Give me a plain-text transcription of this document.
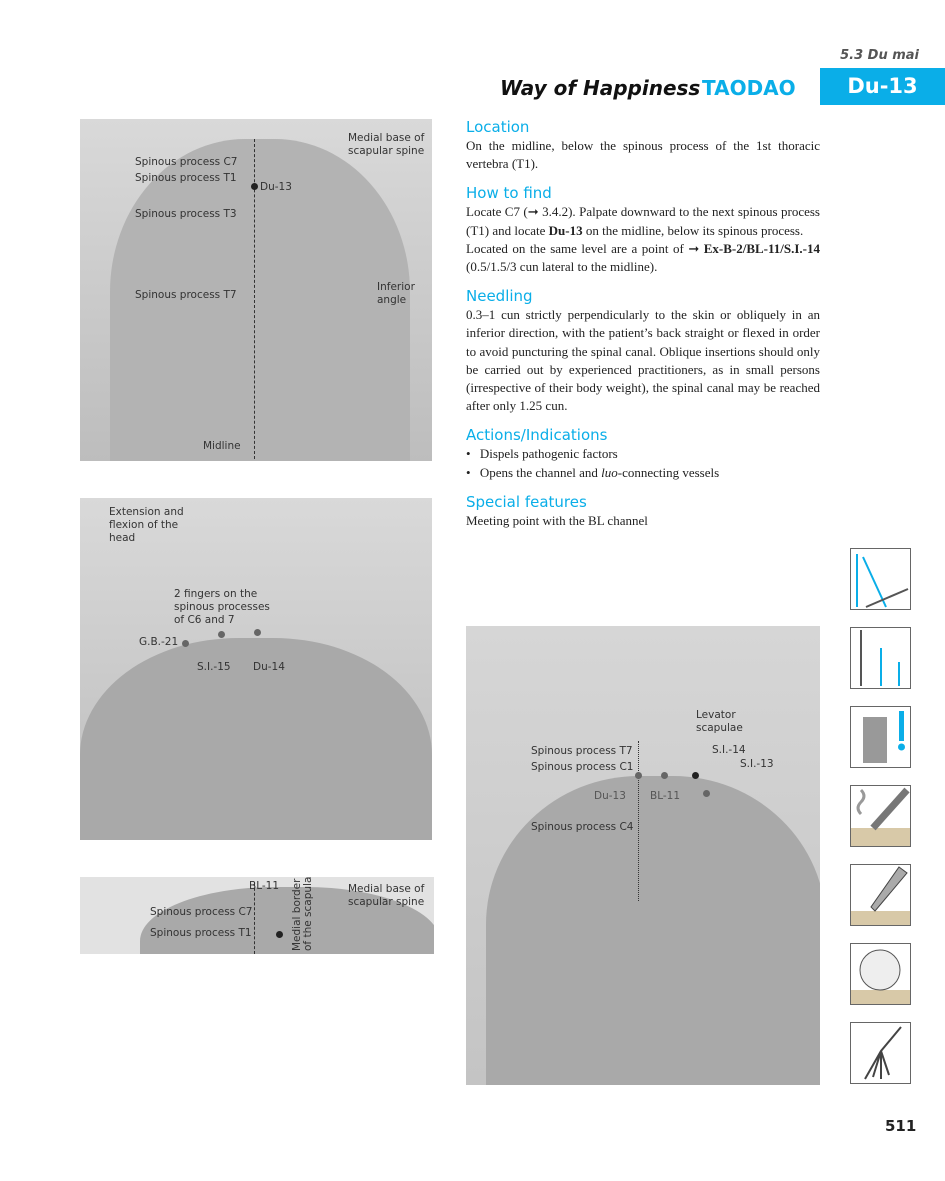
5.3 Du mai
Way of Happiness TAODAO	Du-13
Location

On the midline, below the spinous process of the 1st thoracic vertebra (T1).

How to find

Locate C7 (➞ 3.4.2). Palpate downward to the next spinous process (T1) and locate Du-13 on the midline, below its spinous process.

Located on the same level are a point of ➞ Ex-B-2/BL-11/S.I.-14 (0.5/1.5/3 cun lateral to the midline).

Needling

0.3–1 cun strictly perpendicularly to the skin or obliquely in an inferior direction, with the patient’s back straight or flexed in order to avoid puncturing the spinal canal. Oblique insertions should only be carried out by experienced practitioners, as in small persons (irrespective of their body weight), the spinal canal may be reached after only 1.25 cun.

Actions/Indications
• Dispels pathogenic factors
• Opens the channel and luo-connecting vessels
Special features

Meeting point with the BL channel

Spinous process C7
Spinous process T1
Du-13
Spinous process T3
Spinous process T7
Midline
Medial base of
scapular spine
Inferior
angle
Extension and
flexion of the
head
2 fingers on the
spinous processes
of C6 and 7
G.B.-21
S.I.-15 Du-14
BL-11
Spinous process C7
Spinous process T1	Medial border
of the scapula	Medial base of
scapular spine
Levator
scapulae
Spinous process T7
Spinous process C1
S.I.-14
S.I.-13
Du-13 BL-11
Spinous process C4
511
